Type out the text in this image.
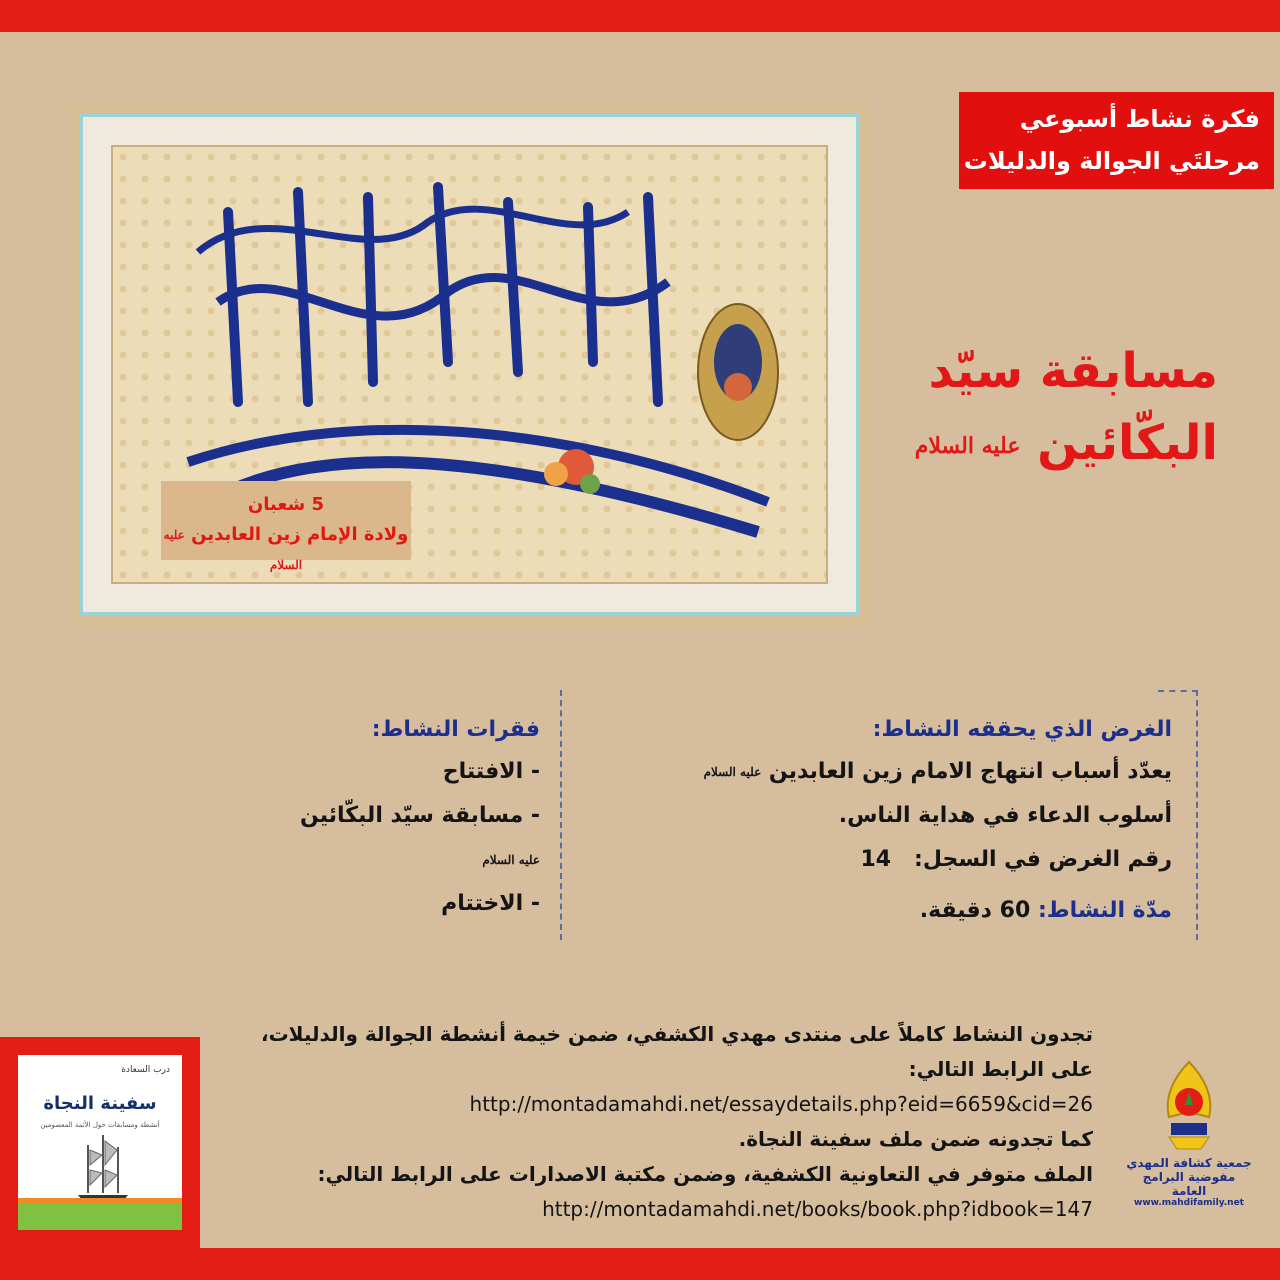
فكرة نشاط أسبوعي
مرحلتَي الجوالة والدليلات
5 شعبان
ولادة الإمام زين العابدين عليه السلام
مسابقة سيّد
البكّائين عليه السلام
الغرض الذي يحققه النشاط:
يعدّد أسباب انتهاج الامام زين العابدين عليه السلام
أسلوب الدعاء في هداية الناس.
رقم الغرض في السجل:   14
مدّة النشاط: 60 دقيقة.
فقرات النشاط:
- الافتتاح
- مسابقة سيّد البكّائين عليه السلام
- الاختتام
تجدون النشاط كاملاً على منتدى مهدي الكشفي، ضمن خيمة أنشطة الجوالة والدليلات،
على الرابط التالي:
http://montadamahdi.net/essaydetails.php?eid=6659&cid=26
كما تجدونه ضمن ملف سفينة النجاة.
الملف متوفر في التعاونية الكشفية، وضمن مكتبة الاصدارات على الرابط التالي:
http://montadamahdi.net/books/book.php?idbook=147
درب السعادة
سفينة النجاة
أنشطة ومسابقات حول الأئمة المعصومين
جمعية كشافة المهدي
مفوضية البرامج العامة
www.mahdifamily.net
